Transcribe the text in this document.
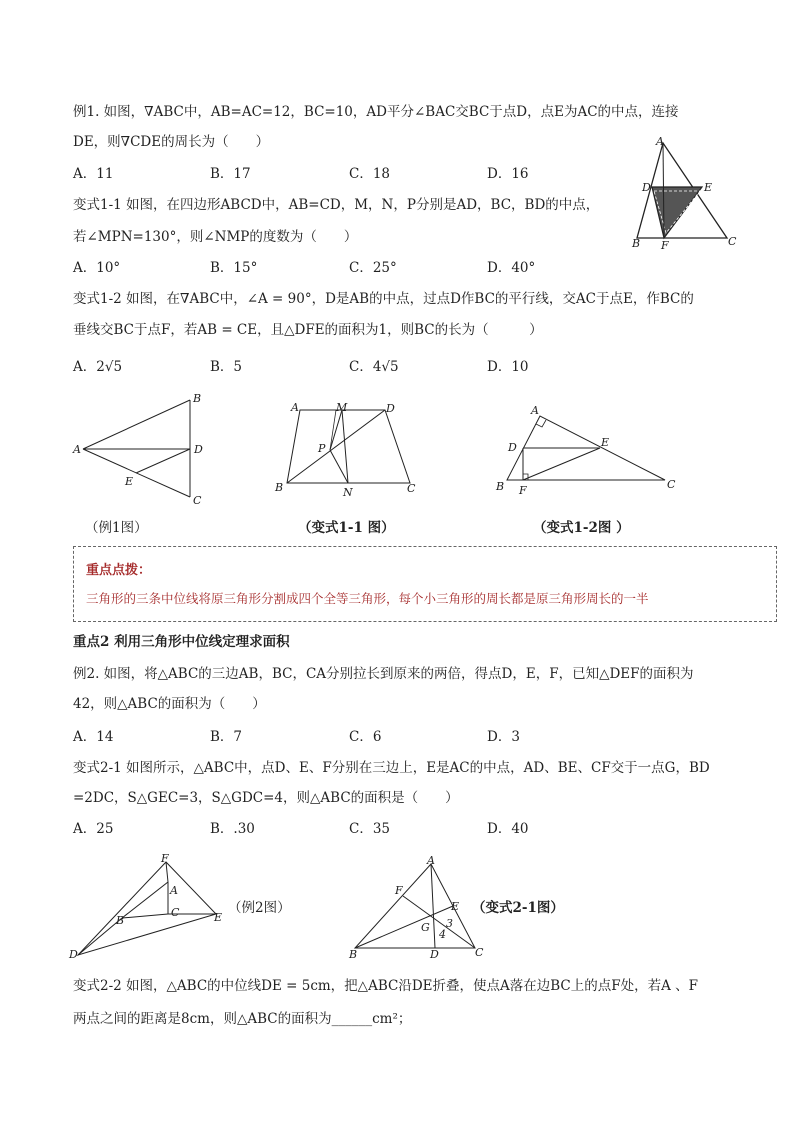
例1. 如图，∇ABC中，AB=AC=12，BC=10，AD平分∠BAC交BC于点D，点E为AC的中点，连接
DE，则∇CDE的周长为（　　）
A．11	B．17	C．18	D．16
A
D	E
B F	C
变式1-1 如图，在四边形ABCD中，AB=CD，M，N，P分别是AD，BC，BD的中点，
若∠MPN=130°，则∠NMP的度数为（　　）
A．10°	B．15°	C．25°	D．40°
变式1-2 如图，在∇ABC中，∠A = 90°，D是AB的中点，过点D作BC的平行线，交AC于点E，作BC的
垂线交BC于点F，若AB = CE，且△DFE的面积为1，则BC的长为（　　　）
A．2√5	B．5	C．4√5	D．10
B
A	D
E
C
A	M	D
P
B	N	C
A
D	E
B F	C
（例1图）	（变式1-1 图）	（变式1-2图 ）
重点点拨：
三角形的三条中位线将原三角形分割成四个全等三角形，每个小三角形的周长都是原三角形周长的一半
重点2 利用三角形中位线定理求面积
例2. 如图，将△ABC的三边AB，BC，CA分别拉长到原来的两倍，得点D，E，F，已知△DEF的面积为
42，则△ABC的面积为（　　）
A．14	B．7	C．6	D．3
变式2-1 如图所示，△ABC中，点D、E、F分别在三边上，E是AC的中点，AD、BE、CF交于一点G，BD
=2DC，S△GEC=3，S△GDC=4，则△ABC的面积是（　　）
A．25	B．.30	C．35	D．40
F
A
B
C	E
D
（例2图）
A
F
E
G 3
4
B	D	C
（变式2-1图）
变式2-2 如图，△ABC的中位线DE = 5cm，把△ABC沿DE折叠，使点A落在边BC上的点F处，若A 、F
两点之间的距离是8cm，则△ABC的面积为______cm²；
